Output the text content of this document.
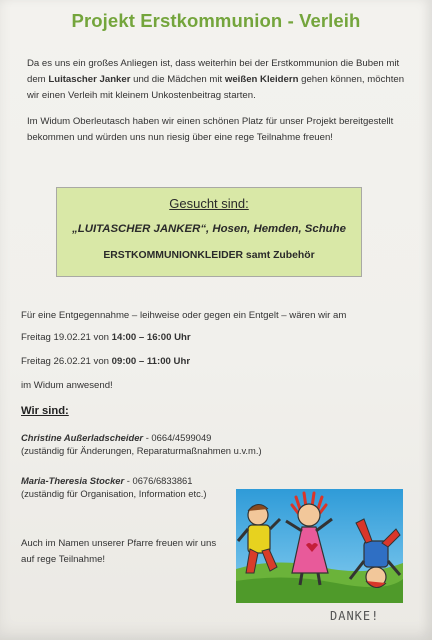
Projekt Erstkommunion - Verleih
Da es uns ein großes Anliegen ist, dass weiterhin bei der Erstkommunion die Buben mit dem Luitascher Janker und die Mädchen mit weißen Kleidern gehen können, möchten wir einen Verleih mit kleinem Unkostenbeitrag starten.
Im Widum Oberleutasch haben wir einen schönen Platz für unser Projekt bereitgestellt bekommen und würden uns nun riesig über eine rege Teilnahme freuen!
Gesucht sind:
„LUITASCHER JANKER“, Hosen, Hemden, Schuhe
ERSTKOMMUNIONKLEIDER samt Zubehör
Für eine Entgegennahme – leihweise oder gegen ein Entgelt – wären wir am
Freitag 19.02.21 von 14:00 – 16:00 Uhr
Freitag 26.02.21 von 09:00 – 11:00 Uhr
im Widum anwesend!
Wir sind:
Christine Außerladscheider - 0664/4599049
(zuständig für Änderungen, Reparaturmaßnahmen u.v.m.)
Maria-Theresia Stocker - 0676/6833861
(zuständig für Organisation, Information etc.)
Auch im Namen unserer Pfarre freuen wir uns auf rege Teilnahme!
DANKE!
